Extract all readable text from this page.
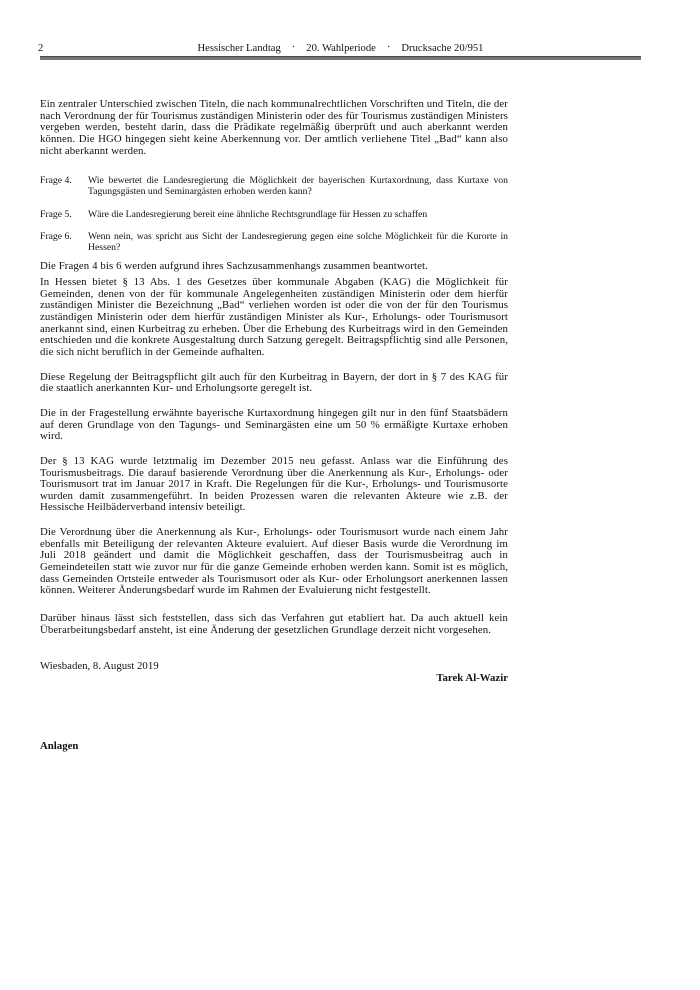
2	Hessischer Landtag · 20. Wahlperiode · Drucksache 20/951

Ein zentraler Unterschied zwischen Titeln, die nach kommunalrechtlichen Vorschriften und Titeln, die der nach Verordnung der für Tourismus zuständigen Ministerin oder des für Tourismus zuständigen Ministers vergeben werden, besteht darin, dass die Prädikate regelmäßig überprüft und auch aberkannt werden können. Die HGO hingegen sieht keine Aberkennung vor. Der amtlich verliehene Titel „Bad“ kann also nicht aberkannt werden.

Frage 4.	Wie bewertet die Landesregierung die Möglichkeit der bayerischen Kurtaxordnung, dass Kurtaxe von Tagungsgästen und Seminargästen erhoben werden kann?
Frage 5.	Wäre die Landesregierung bereit eine ähnliche Rechtsgrundlage für Hessen zu schaffen
Frage 6.	Wenn nein, was spricht aus Sicht der Landesregierung gegen eine solche Möglichkeit für die Kurorte in Hessen?

Die Fragen 4 bis 6 werden aufgrund ihres Sachzusammenhangs zusammen beantwortet.

In Hessen bietet § 13 Abs. 1 des Gesetzes über kommunale Abgaben (KAG) die Möglichkeit für Gemeinden, denen von der für kommunale Angelegenheiten zuständigen Ministerin oder dem hierfür zuständigen Minister die Bezeichnung „Bad“ verliehen worden ist oder die von der für den Tourismus zuständigen Ministerin oder dem hierfür zuständigen Minister als Kur-, Erholungs- oder Tourismusort anerkannt sind, einen Kurbeitrag zu erheben. Über die Erhebung des Kurbeitrags wird in den Gemeinden entschieden und die konkrete Ausgestaltung durch Satzung geregelt. Beitragspflichtig sind alle Personen, die sich nicht beruflich in der Gemeinde aufhalten.

Diese Regelung der Beitragspflicht gilt auch für den Kurbeitrag in Bayern, der dort in § 7 des KAG für die staatlich anerkannten Kur- und Erholungsorte geregelt ist.

Die in der Fragestellung erwähnte bayerische Kurtaxordnung hingegen gilt nur in den fünf Staatsbädern auf deren Grundlage von den Tagungs- und Seminargästen eine um 50 % ermäßigte Kurtaxe erhoben wird.

Der § 13 KAG wurde letztmalig im Dezember 2015 neu gefasst. Anlass war die Einführung des Tourismusbeitrags. Die darauf basierende Verordnung über die Anerkennung als Kur-, Erholungs- oder Tourismusort trat im Januar 2017 in Kraft. Die Regelungen für die Kur-, Erholungs- und Tourismusorte wurden damit zusammengeführt. In beiden Prozessen waren die relevanten Akteure wie z.B. der Hessische Heilbäderverband intensiv beteiligt.

Die Verordnung über die Anerkennung als Kur-, Erholungs- oder Tourismusort wurde nach einem Jahr ebenfalls mit Beteiligung der relevanten Akteure evaluiert. Auf dieser Basis wurde die Verordnung im Juli 2018 geändert und damit die Möglichkeit geschaffen, dass der Tourismusbeitrag auch in Gemeindeteilen statt wie zuvor nur für die ganze Gemeinde erhoben werden kann. Somit ist es möglich, dass Gemeinden Ortsteile entweder als Tourismusort oder als Kur- oder Erholungsort anerkennen lassen können. Weiterer Änderungsbedarf wurde im Rahmen der Evaluierung nicht festgestellt.

Darüber hinaus lässt sich feststellen, dass sich das Verfahren gut etabliert hat. Da auch aktuell kein Überarbeitungsbedarf ansteht, ist eine Änderung der gesetzlichen Grundlage derzeit nicht vorgesehen.

Wiesbaden, 8. August 2019

Tarek Al-Wazir

Anlagen
